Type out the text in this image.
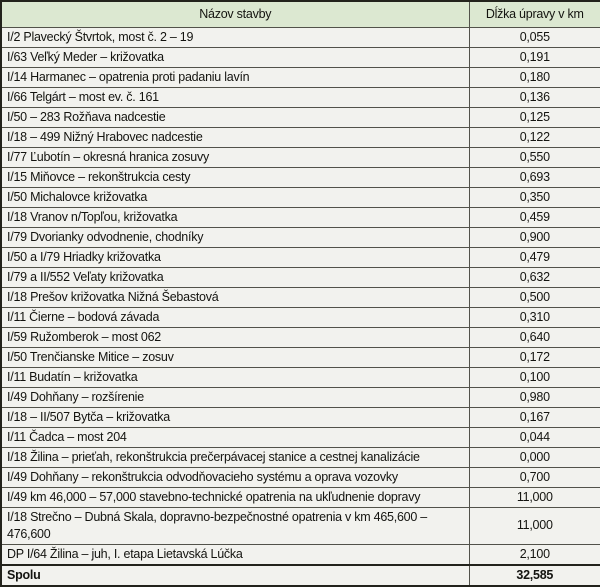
Názov stavby	Dĺžka úpravy v km
I/2 Plavecký Štvrtok, most č. 2 – 19	0,055
I/63 Veľký Meder – križovatka	0,191
I/14 Harmanec – opatrenia proti padaniu lavín	0,180
I/66 Telgárt – most ev. č. 161	0,136
I/50 – 283 Rožňava nadcestie	0,125
I/18 – 499 Nižný Hrabovec nadcestie	0,122
I/77 Ľubotín – okresná hranica zosuvy	0,550
I/15 Miňovce – rekonštrukcia cesty	0,693
I/50 Michalovce križovatka	0,350
I/18 Vranov n/Topľou, križovatka	0,459
I/79 Dvorianky odvodnenie, chodníky	0,900
I/50 a I/79 Hriadky križovatka	0,479
I/79 a II/552 Veľaty križovatka	0,632
I/18 Prešov križovatka Nižná Šebastová	0,500
I/11 Čierne – bodová závada	0,310
I/59 Ružomberok – most 062	0,640
I/50 Trenčianske Mitice – zosuv	0,172
I/11 Budatín – križovatka	0,100
I/49 Dohňany – rozšírenie	0,980
I/18 – II/507 Bytča – križovatka	0,167
I/11 Čadca – most 204	0,044
I/18 Žilina – prieťah, rekonštrukcia prečerpávacej stanice a cestnej kanalizácie	0,000
I/49 Dohňany – rekonštrukcia odvodňovacieho systému a oprava vozovky	0,700
I/49 km 46,000 – 57,000 stavebno-technické opatrenia na ukľudnenie dopravy	11,000
I/18 Strečno – Dubná Skala, dopravno-bezpečnostné opatrenia v km 465,600 – 476,600	11,000
DP I/64 Žilina – juh, I. etapa Lietavská Lúčka	2,100
Spolu	32,585
